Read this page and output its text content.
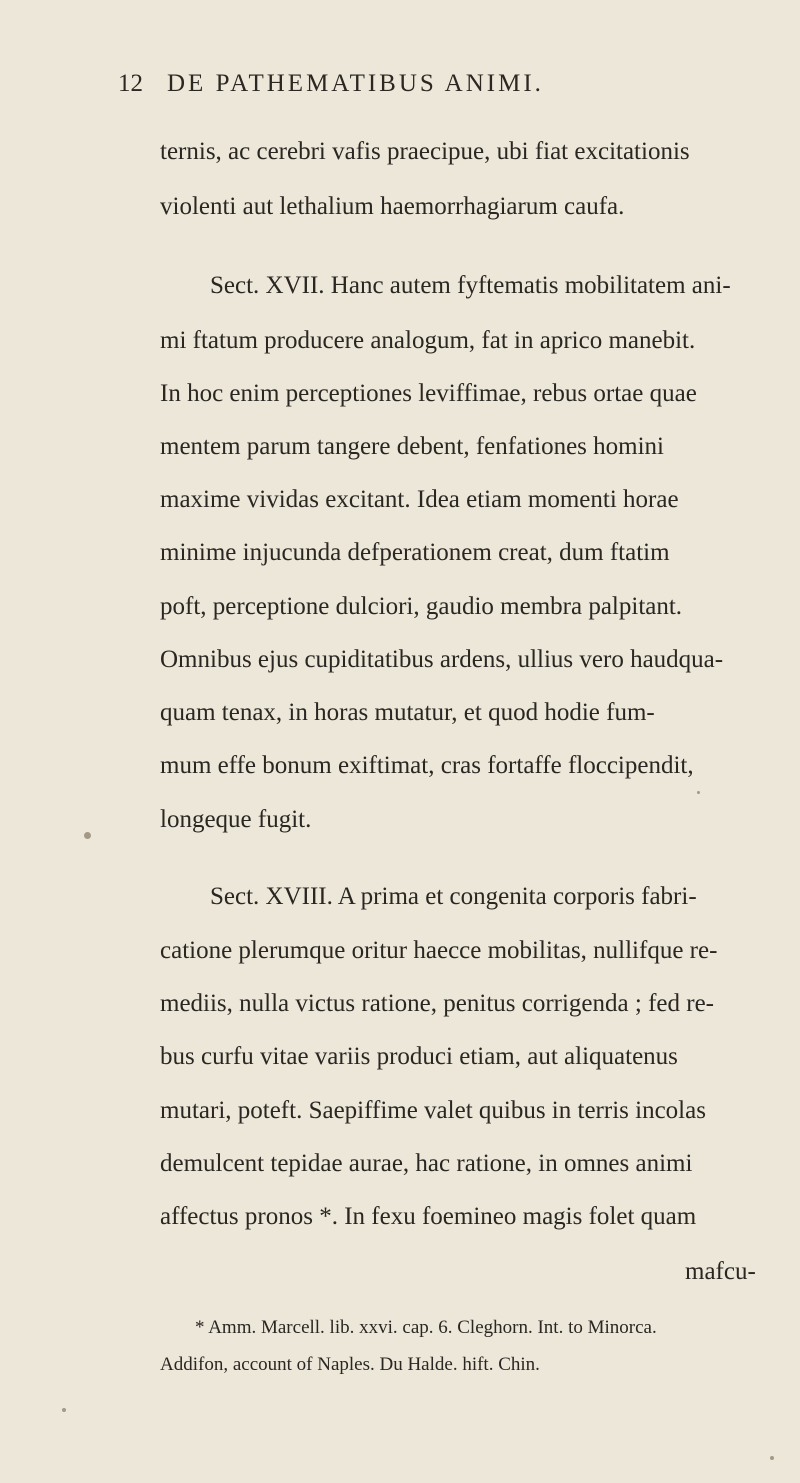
12 DE PATHEMATIBUS ANIMI.
ternis, ac cerebri vafis praecipue, ubi fiat excitationis
violenti aut lethalium haemorrhagiarum caufa.
Sect. XVII. Hanc autem fyftematis mobilitatem ani-
mi ftatum producere analogum, fat in aprico manebit.
In hoc enim perceptiones leviffimae, rebus ortae quae
mentem parum tangere debent, fenfationes homini
maxime vividas excitant. Idea etiam momenti horae
minime injucunda defperationem creat, dum ftatim
poft, perceptione dulciori, gaudio membra palpitant.
Omnibus ejus cupiditatibus ardens, ullius vero haudqua-
quam tenax, in horas mutatur, et quod hodie fum-
mum effe bonum exiftimat, cras fortaffe floccipendit,
longeque fugit.
Sect. XVIII. A prima et congenita corporis fabri-
catione plerumque oritur haecce mobilitas, nullifque re-
mediis, nulla victus ratione, penitus corrigenda ; fed re-
bus curfu vitae variis produci etiam, aut aliquatenus
mutari, poteft. Saepiffime valet quibus in terris incolas
demulcent tepidae aurae, hac ratione, in omnes animi
affectus pronos *. In fexu foemineo magis folet quam
mafcu-
* Amm. Marcell. lib. xxvi. cap. 6. Cleghorn. Int. to Minorca.
Addifon, account of Naples. Du Halde. hift. Chin.
